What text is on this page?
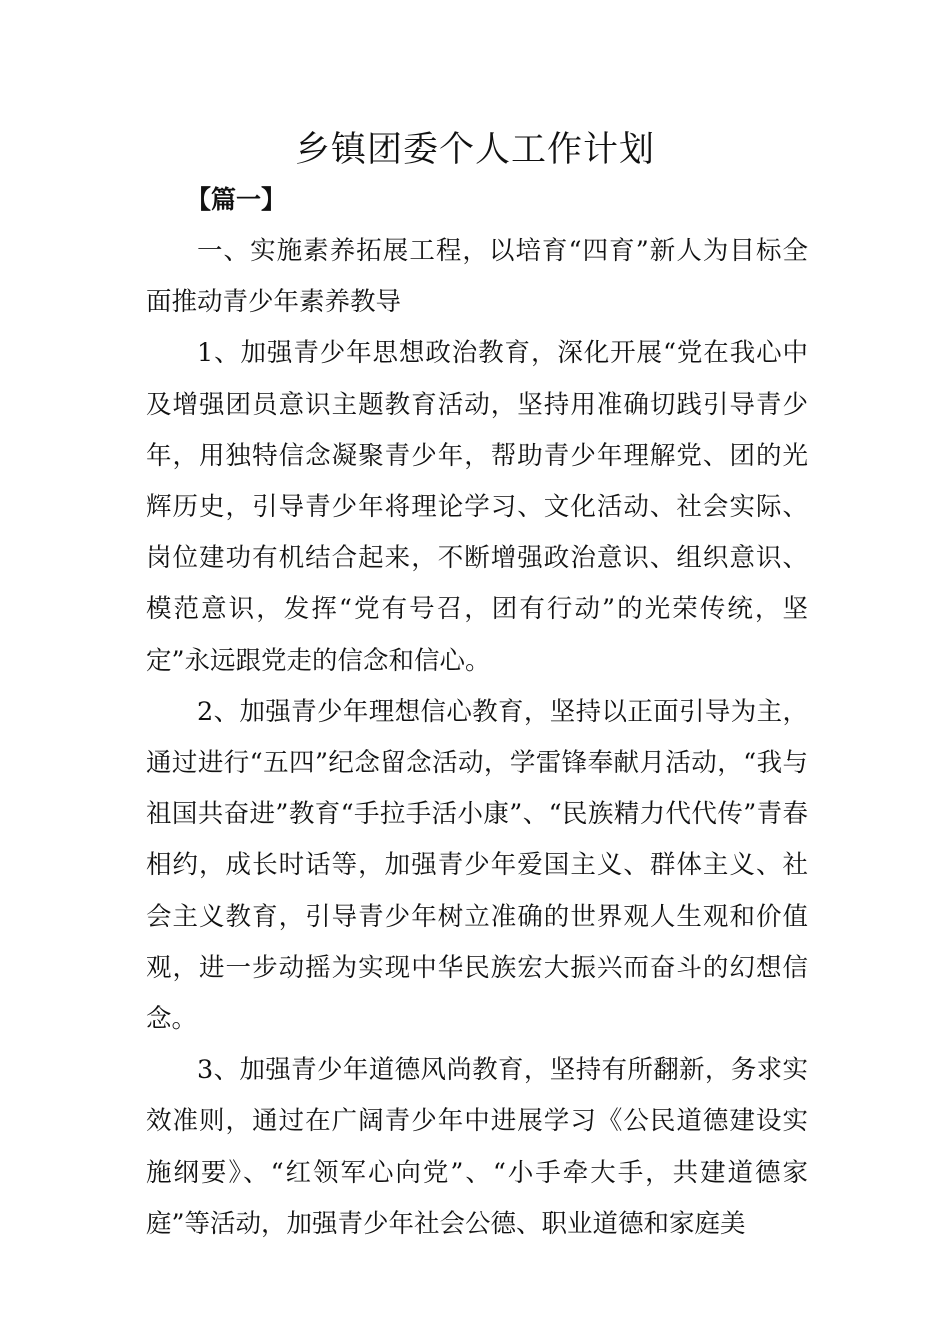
乡镇团委个人工作计划
【篇一】

一、实施素养拓展工程，以培育“四育”新人为目标全面推动青少年素养教导

1、加强青少年思想政治教育，深化开展“党在我心中及增强团员意识主题教育活动，坚持用准确切践引导青少年，用独特信念凝聚青少年，帮助青少年理解党、团的光辉历史，引导青少年将理论学习、文化活动、社会实际、岗位建功有机结合起来，不断增强政治意识、组织意识、模范意识，发挥“党有号召，团有行动”的光荣传统，坚定”永远跟党走的信念和信心。

2、加强青少年理想信心教育，坚持以正面引导为主，通过进行“五四”纪念留念活动，学雷锋奉献月活动，“我与祖国共奋进”教育“手拉手活小康”、“民族精力代代传”青春相约，成长时话等，加强青少年爱国主义、群体主义、社会主义教育，引导青少年树立准确的世界观人生观和价值观，进一步动摇为实现中华民族宏大振兴而奋斗的幻想信念。

3、加强青少年道德风尚教育，坚持有所翻新，务求实效准则，通过在广阔青少年中进展学习《公民道德建设实施纲要》、“红领军心向党”、“小手牵大手，共建道德家庭”等活动，加强青少年社会公德、职业道德和家庭美
